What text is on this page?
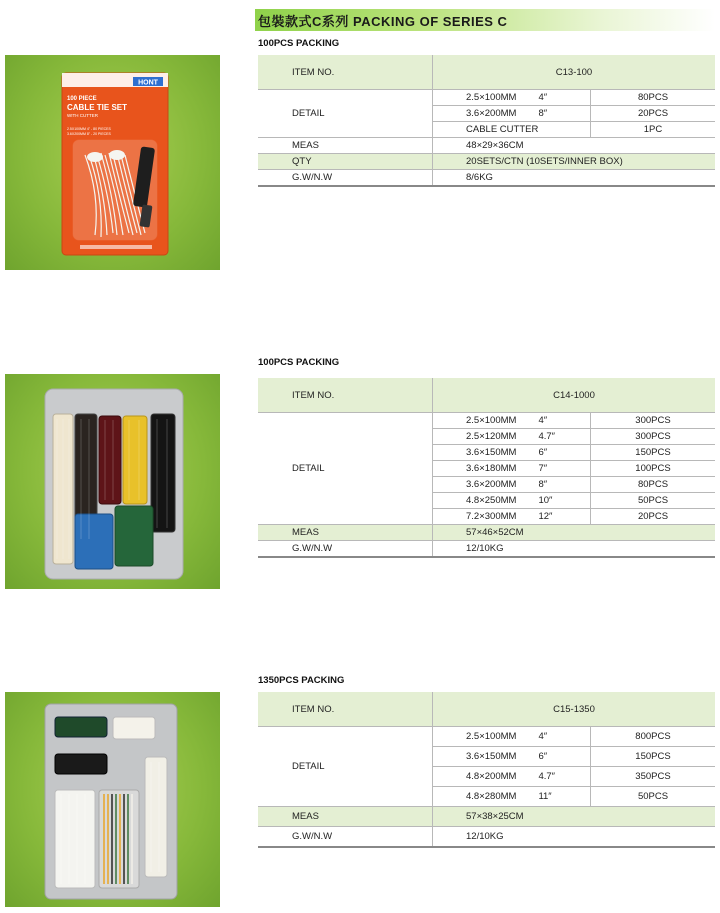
包裝款式C系列 PACKING OF SERIES C
100PCS PACKING
HONT
100 PIECE
CABLE TIE SET
WITH CUTTER
2.5X100MM 4" - 80 PIECES
3.6X200MM 8" - 20 PIECES
ITEM NO.	C13-100	
DETAIL	2.5×100MM 4″	80PCS
	3.6×200MM 8″	20PCS
	CABLE CUTTER	1PC
MEAS	48×29×36CM	
QTY	20SETS/CTN (10SETS/INNER BOX)	
G.W/N.W	8/6KG	
100PCS PACKING
ITEM NO.	C14-1000	
DETAIL	2.5×100MM 4″	300PCS
	2.5×120MM 4.7″	300PCS
	3.6×150MM 6″	150PCS
	3.6×180MM 7″	100PCS
	3.6×200MM 8″	80PCS
	4.8×250MM 10″	50PCS
	7.2×300MM 12″	20PCS
MEAS	57×46×52CM	
G.W/N.W	12/10KG	
1350PCS PACKING
ITEM NO.	C15-1350	
DETAIL	2.5×100MM 4″	800PCS
	3.6×150MM 6″	150PCS
	4.8×200MM 4.7″	350PCS
	4.8×280MM 11″	50PCS
MEAS	57×38×25CM	
G.W/N.W	12/10KG	
